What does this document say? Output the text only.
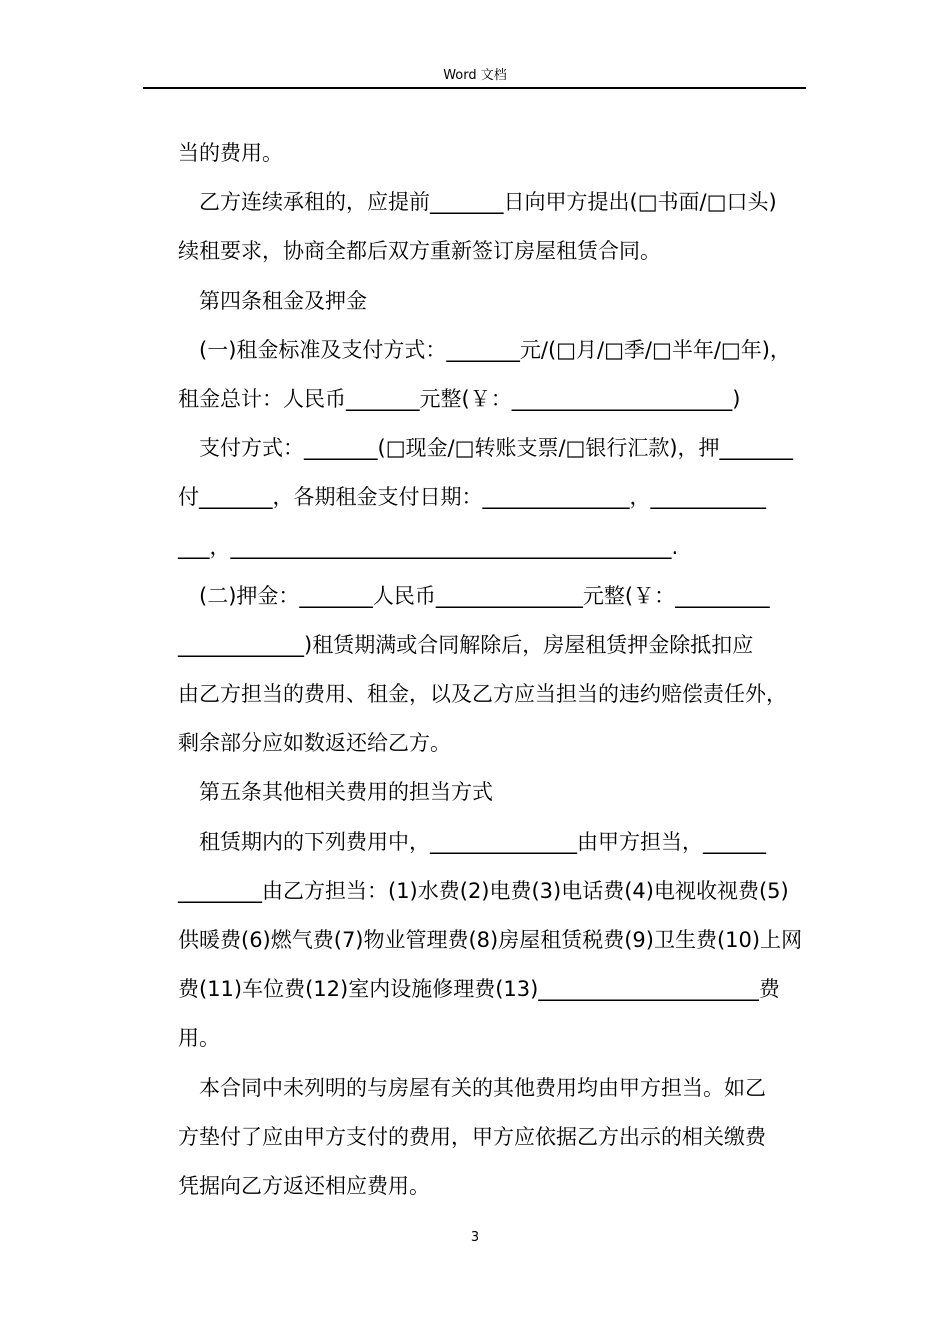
Word 文档
当的费用。
乙方连续承租的，应提前_______日向甲方提出(□书面/□口头)
续租要求，协商全都后双方重新签订房屋租赁合同。
第四条租金及押金
(一)租金标准及支付方式：_______元/(□月/□季/□半年/□年)，
租金总计：人民币_______元整(￥：_____________________)
支付方式：_______(□现金/□转账支票/□银行汇款)，押_______
付_______，各期租金支付日期：______________，___________
___，__________________________________________.
(二)押金：_______人民币______________元整(￥：_________
____________)租赁期满或合同解除后，房屋租赁押金除抵扣应
由乙方担当的费用、租金，以及乙方应当担当的违约赔偿责任外，
剩余部分应如数返还给乙方。
第五条其他相关费用的担当方式
租赁期内的下列费用中，______________由甲方担当，______
________由乙方担当：(1)水费(2)电费(3)电话费(4)电视收视费(5)
供暖费(6)燃气费(7)物业管理费(8)房屋租赁税费(9)卫生费(10)上网
费(11)车位费(12)室内设施修理费(13)_____________________费
用。
本合同中未列明的与房屋有关的其他费用均由甲方担当。如乙
方垫付了应由甲方支付的费用，甲方应依据乙方出示的相关缴费
凭据向乙方返还相应费用。
3
